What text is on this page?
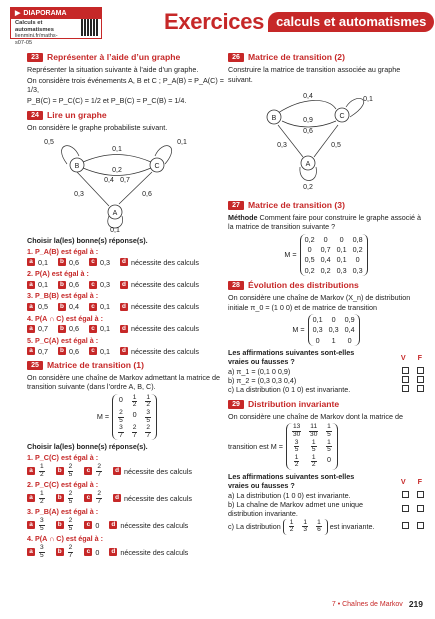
▶ DIAPORAMA
Calculs et automatismes
lienmini.fr/maths-s07-05
Exercices calculs et automatismes
23 Représenter à l’aide d’un graphe

Représenter la situation suivante à l’aide d’un graphe.

On considère trois événements A, B et C ; P_A(B) = P_A(C) = 1/3,

P_B(C) = P_C(C) = 1/2 et P_B(C) = P_C(B) = 1/4.

24 Lire un graphe

On considère le graphe probabiliste suivant.

B	C
A
0,5
0,1
0,1
0,2
0,4 0,7
0,3	0,6
0,1

Choisir la(les) bonne(s) réponse(s).

1. P_A(B) est égal à :

a 0,1	b 0,6	c 0,3	d nécessite des calculs

2. P(A) est égal à :

a 0,1	b 0,6	c 0,3	d nécessite des calculs

3. P_B(B) est égal à :

a 0,5	b 0,4	c 0,1	d nécessite des calculs

4. P(A ∩ C) est égal à :

a 0,7	b 0,6	c 0,1	d nécessite des calculs

5. P_C(A) est égal à :

a 0,7	b 0,6	c 0,1	d nécessite des calculs
25 Matrice de transition (1)

On considère une chaîne de Markov admettant la matrice de transition suivante (dans l’ordre A, B, C).

M =
$0 \frac{1}{2} \frac{1}{2}$
$\frac{2}{5} 0 \frac{3}{5}$
$\frac{3}{7} \frac{2}{7} \frac{2}{7}$

Choisir la(les) bonne(s) réponse(s).

1. P_C(C) est égal à :

a $\frac{1}{2}$	b $\frac{2}{5}$	c $\frac{2}{7}$	d nécessite des calculs

2. P_C(C) est égal à :

a $\frac{1}{2}$	b $\frac{2}{5}$	c $\frac{2}{7}$	d nécessite des calculs

3. P_B(A) est égal à :

a $\frac{3}{5}$	b $\frac{2}{5}$	c 0	d nécessite des calculs

4. P(A ∩ C) est égal à :

a $\frac{3}{5}$	b $\frac{2}{7}$	c 0	d nécessite des calculs
26 Matrice de transition (2)

Construire la matrice de transition associée au graphe suivant.

B	C
A
0,4	0,1
0,9
0,6
0,3	0,5
0,2
27 Matrice de transition (3)

Méthode Comment faire pour construire le graphe associé à la matrice de transition suivante ?

M =
0,2	0	0	0,8
0	0,7 0,1 0,2
0,5 0,4 0,1	0
0,2 0,2 0,3 0,3
28 Évolution des distributions

On considère une chaîne de Markov (X_n) de distribution initiale π_0 = (1 0 0) et de matrice de transition

M =
0,1	0	0,9
0,3 0,3 0,4
0	1	0
Les affirmations suivantes sont-elles vraies ou fausses ?
V F
a) π_1 = (0,1 0 0,9)
b) π_2 = (0,3 0,3 0,4)
c) La distribution (0 1 0) est invariante.
29 Distribution invariante

On considère une chaîne de Markov dont la matrice de

transition est M =
$\frac{13}{30} \frac{11}{30} \frac{1}{5}$
$\frac{3}{5} \frac{1}{5} \frac{1}{5}$
$\frac{1}{2} \frac{1}{2} 0$
Les affirmations suivantes sont-elles vraies ou fausses ?
V F
a) La distribution (1 0 0) est invariante.
b) La chaîne de Markov admet une unique distribution invariante.
c) La distribution $\frac{1}{2} \frac{1}{3} \frac{1}{6}$ est invariante.
7 • Chaînes de Markov 219
